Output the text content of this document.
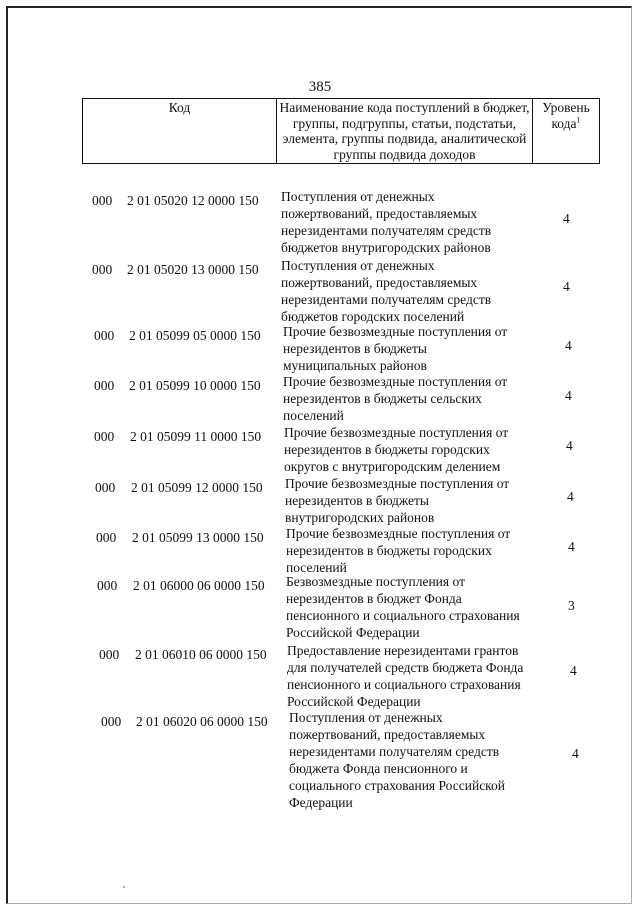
385
Код	Наименование кода поступлений в бюджет, группы, подгруппы, статьи, подстатьи, элемента, группы подвида, аналитической группы подвида доходов
Уровень кода$^1$
000 2 01 05020 12 0000 150 Поступления от денежных
пожертвований, предоставляемых
нерезидентами получателям средств
бюджетов внутригородских районов
4
000 2 01 05020 13 0000 150 Поступления от денежных
пожертвований, предоставляемых
нерезидентами получателям средств
бюджетов городских поселений
4
000 2 01 05099 05 0000 150 Прочие безвозмездные поступления от
нерезидентов в бюджеты
муниципальных районов
4
000 2 01 05099 10 0000 150 Прочие безвозмездные поступления от
нерезидентов в бюджеты сельских
поселений
4
000 2 01 05099 11 0000 150 Прочие безвозмездные поступления от
нерезидентов в бюджеты городских
округов с внутригородским делением
4
000 2 01 05099 12 0000 150 Прочие безвозмездные поступления от
нерезидентов в бюджеты
внутригородских районов
4
000 2 01 05099 13 0000 150 Прочие безвозмездные поступления от
нерезидентов в бюджеты городских
поселений
4
000 2 01 06000 06 0000 150 Безвозмездные поступления от
нерезидентов в бюджет Фонда
пенсионного и социального страхования
Российской Федерации
3
000 2 01 06010 06 0000 150 Предоставление нерезидентами грантов
для получателей средств бюджета Фонда
пенсионного и социального страхования
Российской Федерации
4
000 2 01 06020 06 0000 150 Поступления от денежных
пожертвований, предоставляемых
нерезидентами получателям средств
бюджета Фонда пенсионного и
социального страхования Российской
Федерации
4
